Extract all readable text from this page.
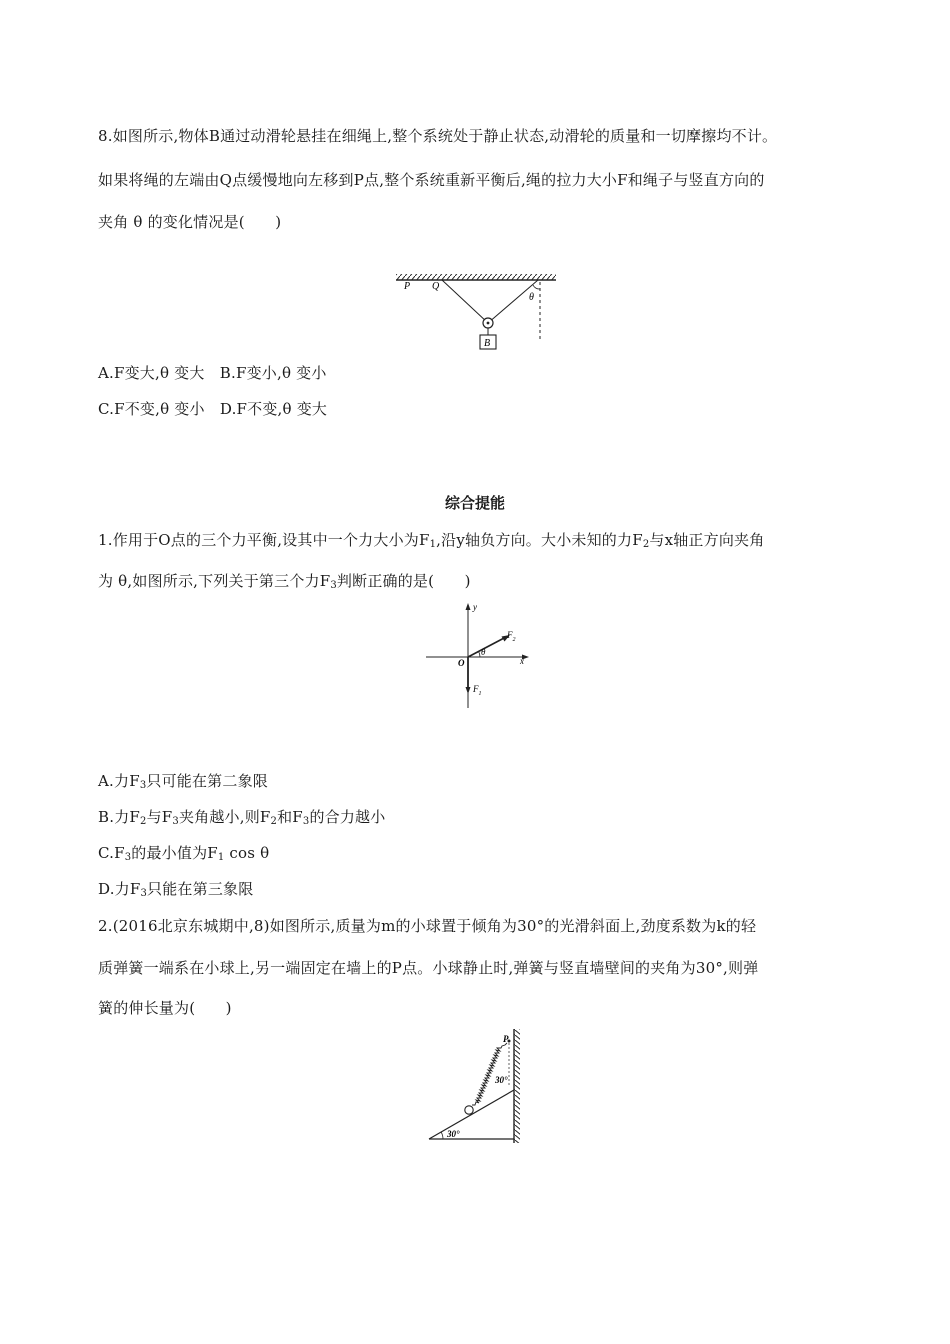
8.如图所示,物体B通过动滑轮悬挂在细绳上,整个系统处于静止状态,动滑轮的质量和一切摩擦均不计。
如果将绳的左端由Q点缓慢地向左移到P点,整个系统重新平衡后,绳的拉力大小F和绳子与竖直方向的
夹角 θ 的变化情况是(　　)
P Q
θ
B
A.F变大,θ 变大　B.F变小,θ 变小
C.F不变,θ 变小　D.F不变,θ 变大
综合提能
1.作用于O点的三个力平衡,设其中一个力大小为$F_1$,沿y轴负方向。大小未知的力$F_2$与x轴正方向夹角
为 θ,如图所示,下列关于第三个力$F_3$判断正确的是(　　)
y
x
O
$F_2$
θ
$F_1$
A.力$F_3$只可能在第二象限
B.力$F_2$与$F_3$夹角越小,则$F_2$和$F_3$的合力越小
$C.F_3$的最小值为$F_1$ cos θ
D.力$F_3$只能在第三象限
2.(2016北京东城期中,8)如图所示,质量为m的小球置于倾角为30°的光滑斜面上,劲度系数为k的轻
质弹簧一端系在小球上,另一端固定在墙上的P点。小球静止时,弹簧与竖直墙壁间的夹角为30°,则弹
簧的伸长量为(　　)
30°
P
30°
